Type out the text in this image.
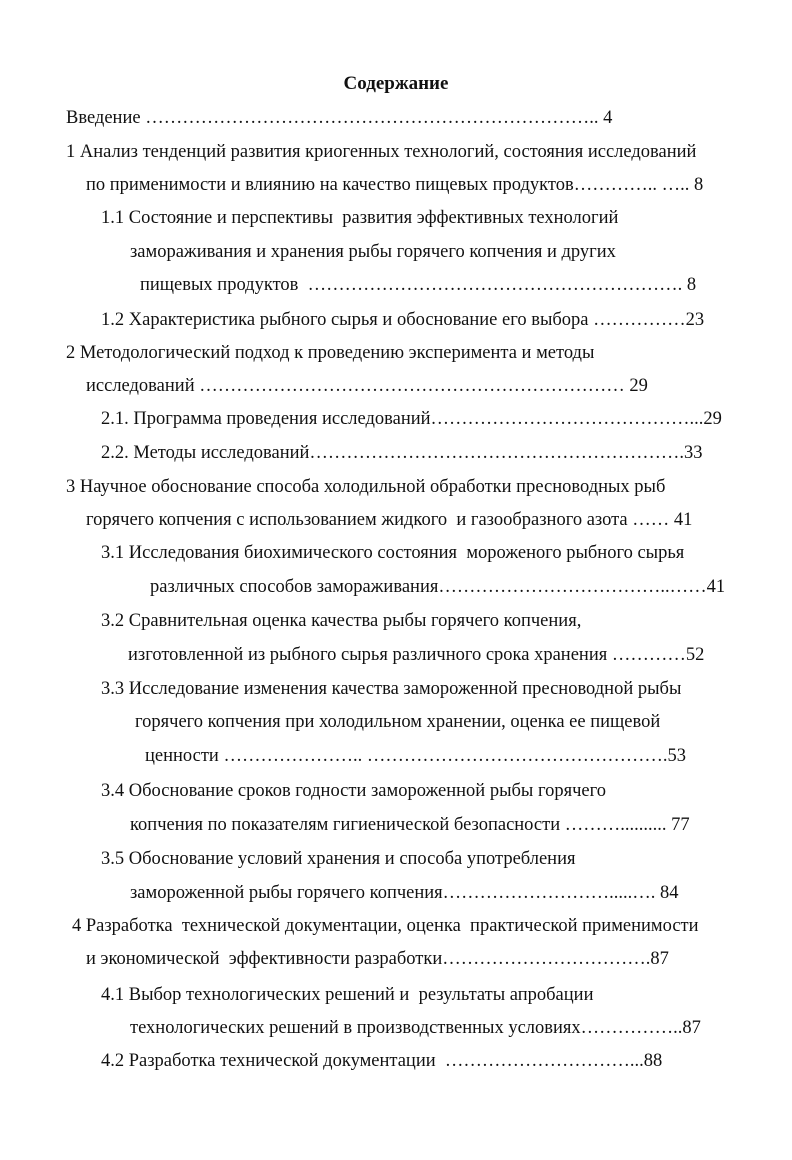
Содержание
Введение ……………………………………………………………….. 4
1 Анализ тенденций развития криогенных технологий, состояния исследований
по применимости и влиянию на качество пищевых продуктов………….. ….. 8
1.1 Состояние и перспективы  развития эффективных технологий
замораживания и хранения рыбы горячего копчения и других
пищевых продуктов  ……………………………………………………. 8
1.2 Характеристика рыбного сырья и обоснование его выбора ……………23
2 Методологический подход к проведению эксперимента и методы
исследований …………………………………………………………… 29
2.1. Программа проведения исследований……………………………………...29
2.2. Методы исследований…………………………………………………….33
3 Научное обоснование способа холодильной обработки пресноводных рыб
горячего копчения с использованием жидкого  и газообразного азота …… 41
3.1 Исследования биохимического состояния  мороженого рыбного сырья
различных способов замораживания………………………………..……41
3.2 Сравнительная оценка качества рыбы горячего копчения,
изготовленной из рыбного сырья различного срока хранения …………52
3.3 Исследование изменения качества замороженной пресноводной рыбы
горячего копчения при холодильном хранении, оценка ее пищевой
ценности ………………….. ………………………………………….53
3.4 Обоснование сроков годности замороженной рыбы горячего
копчения по показателям гигиенической безопасности ……….......... 77
3.5 Обоснование условий хранения и способа употребления
замороженной рыбы горячего копчения……………………….....…. 84
4 Разработка  технической документации, оценка  практической применимости
и экономической  эффективности разработки…………………………….87
4.1 Выбор технологических решений и  результаты апробации
технологических решений в производственных условиях……………..87
4.2 Разработка технической документации  …………………………...88
